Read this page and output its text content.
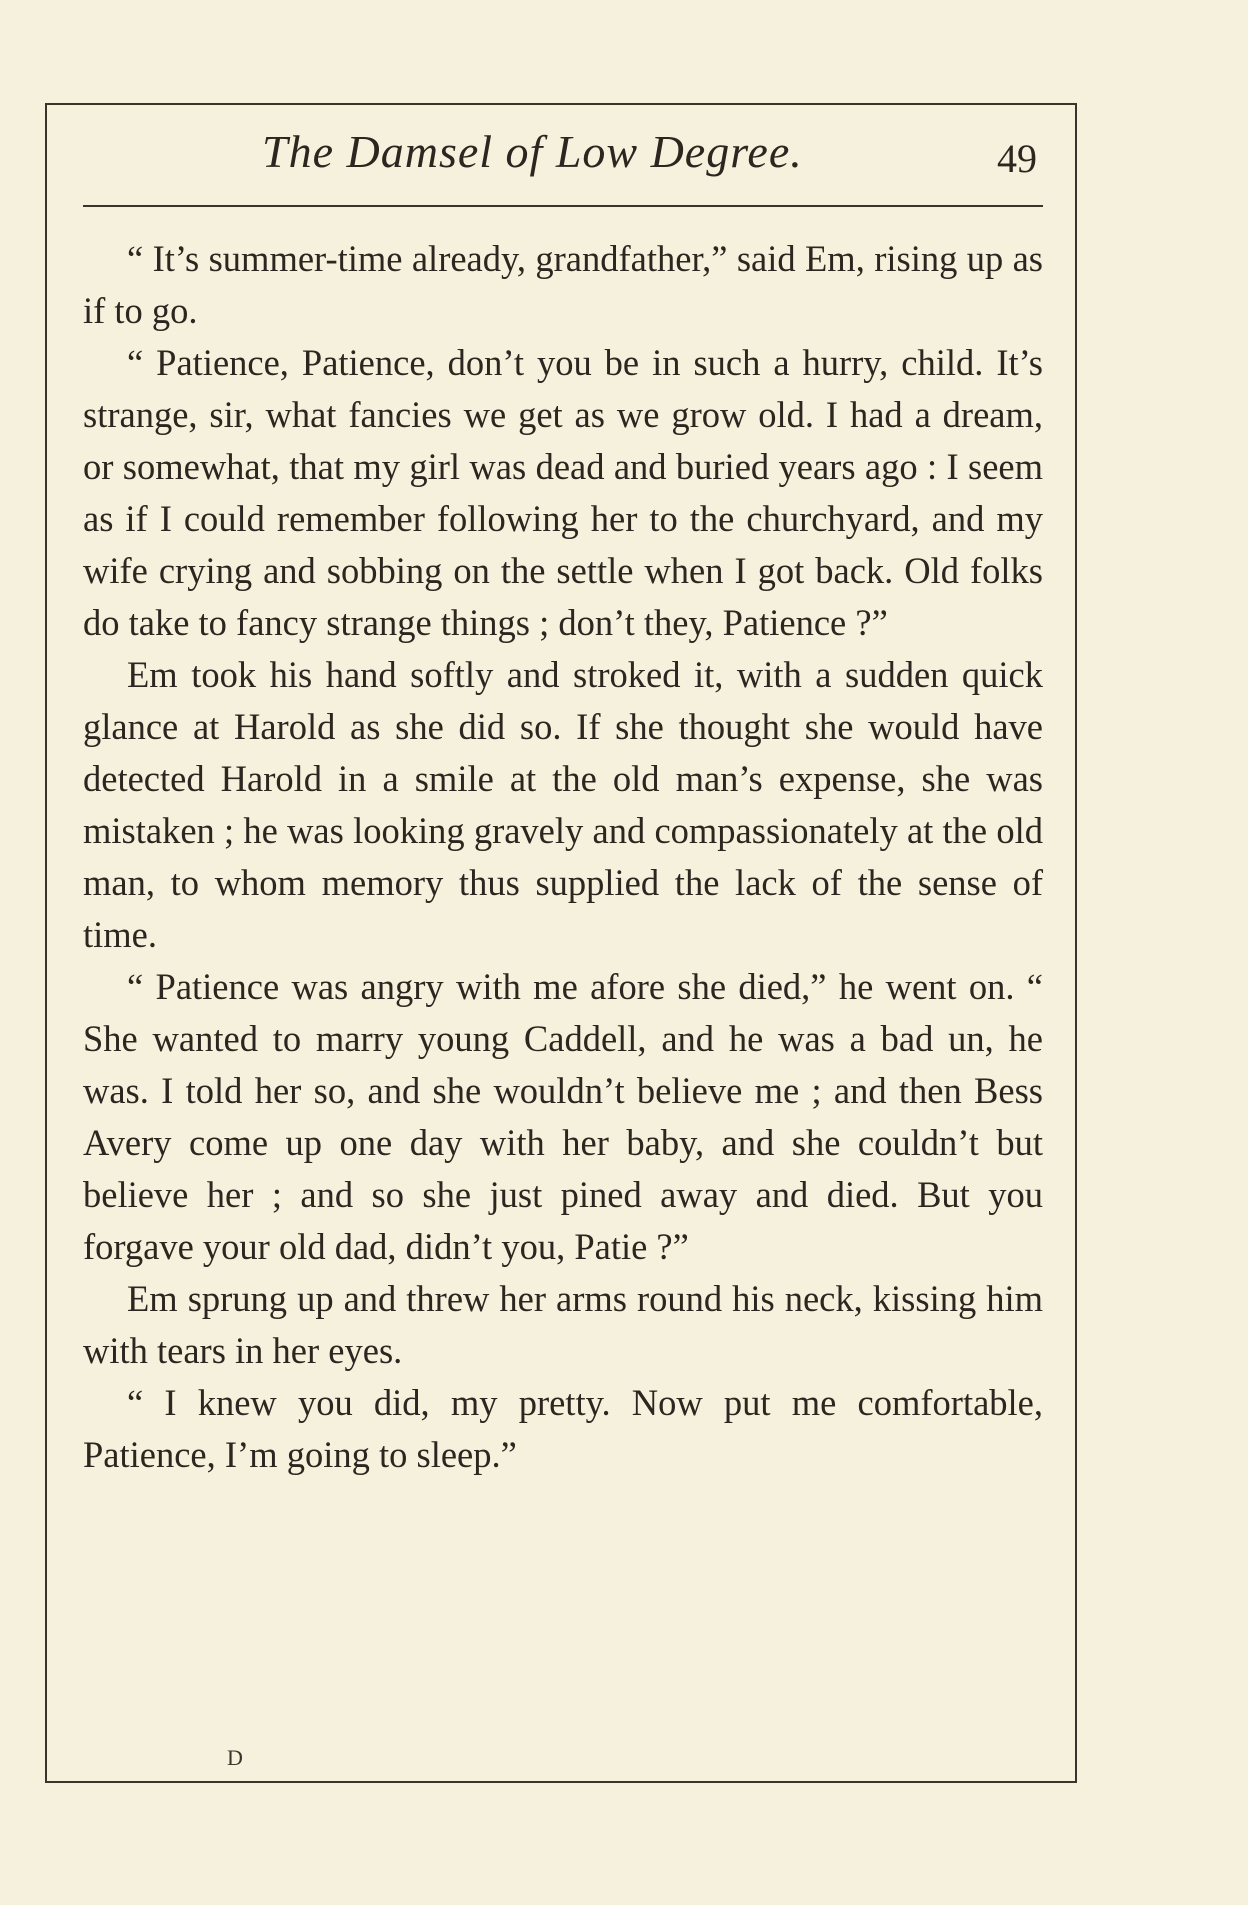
The Damsel of Low Degree.	49

“ It’s summer-time already, grandfather,” said Em, rising up as if to go.

“ Patience, Patience, don’t you be in such a hurry, child. It’s strange, sir, what fancies we get as we grow old. I had a dream, or somewhat, that my girl was dead and buried years ago : I seem as if I could remember following her to the churchyard, and my wife crying and sobbing on the settle when I got back. Old folks do take to fancy strange things ; don’t they, Patience ?”

Em took his hand softly and stroked it, with a sudden quick glance at Harold as she did so. If she thought she would have detected Harold in a smile at the old man’s expense, she was mistaken ; he was looking gravely and compassionately at the old man, to whom memory thus supplied the lack of the sense of time.

“ Patience was angry with me afore she died,” he went on. “ She wanted to marry young Caddell, and he was a bad un, he was. I told her so, and she wouldn’t believe me ; and then Bess Avery come up one day with her baby, and she couldn’t but believe her ; and so she just pined away and died. But you forgave your old dad, didn’t you, Patie ?”

Em sprung up and threw her arms round his neck, kissing him with tears in her eyes.

“ I knew you did, my pretty. Now put me comfortable, Patience, I’m going to sleep.”

D
